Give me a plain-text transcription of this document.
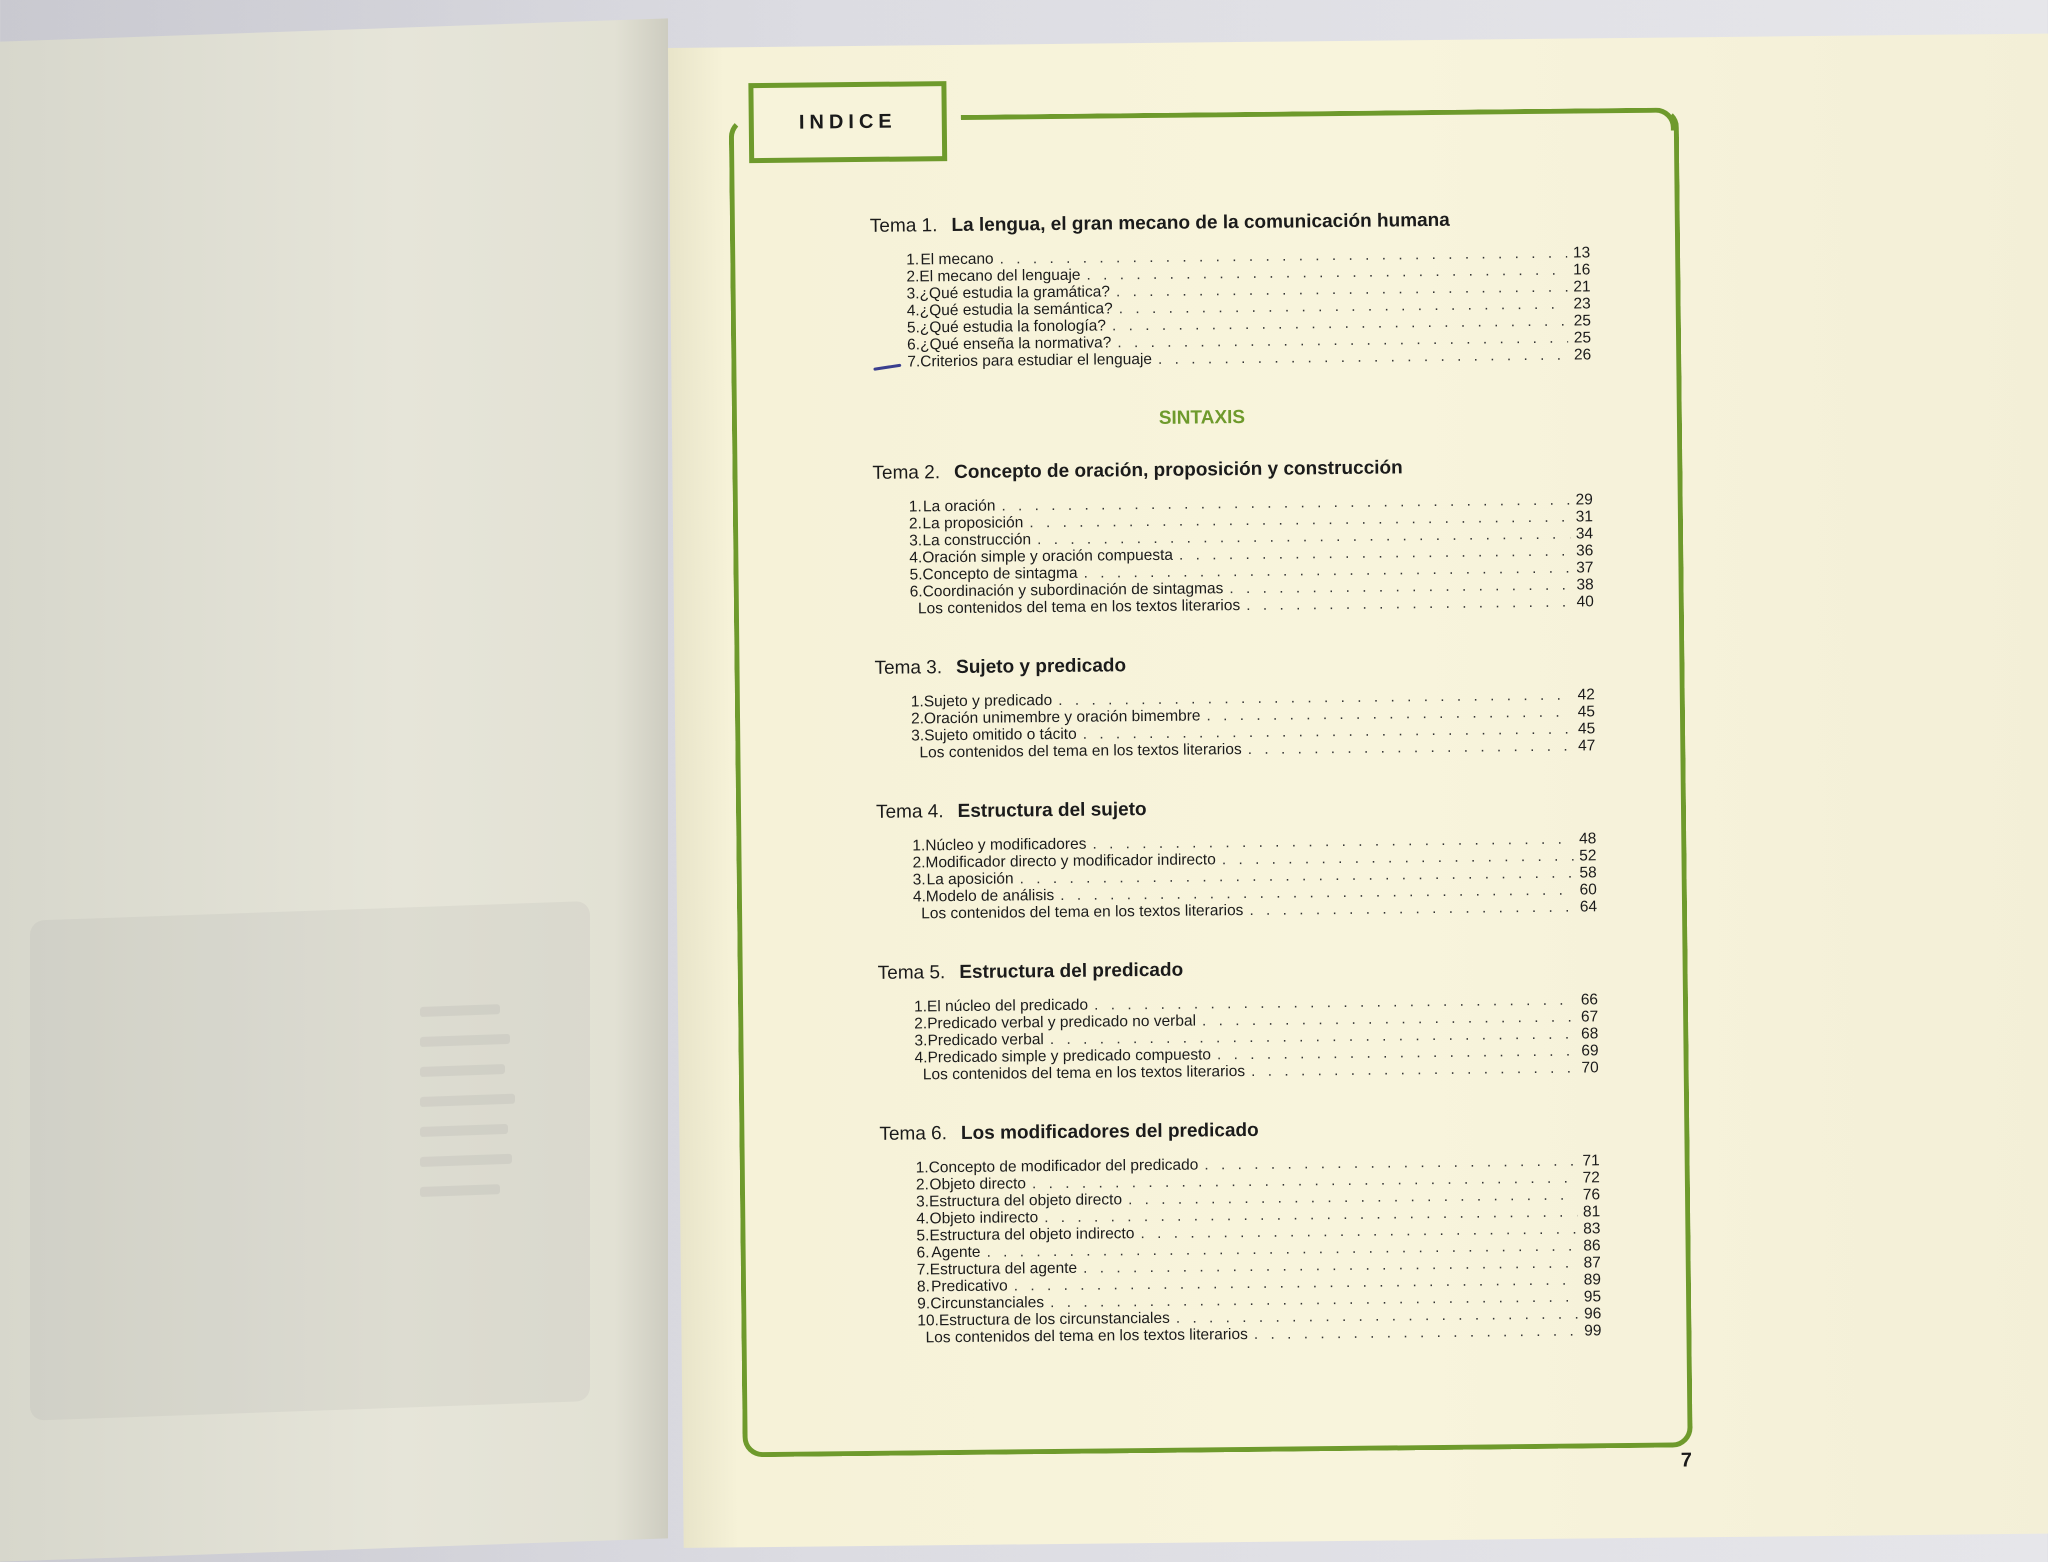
INDICE
Tema 1. La lengua, el gran mecano de la comunicación humana
1. El mecano . . .	13
2. El mecano del lenguaje . . .	16
3. ¿Qué estudia la gramática? . . .	21
4. ¿Qué estudia la semántica? . . .	23
5. ¿Qué estudia la fonología? . . .	25
6. ¿Qué enseña la normativa? . . .	25
7. Criterios para estudiar el lenguaje . . .	26
SINTAXIS
Tema 2. Concepto de oración, proposición y construcción
1. La oración . . .	29
2. La proposición . . .	31
3. La construcción . . .	34
4. Oración simple y oración compuesta . . .	36
5. Concepto de sintagma . . .	37
6. Coordinación y subordinación de sintagmas . . .	38
Los contenidos del tema en los textos literarios . . .	40
Tema 3. Sujeto y predicado
1. Sujeto y predicado . . .	42
2. Oración unimembre y oración bimembre . . .	45
3. Sujeto omitido o tácito . . .	45
Los contenidos del tema en los textos literarios . . .	47
Tema 4. Estructura del sujeto
1. Núcleo y modificadores . . .	48
2. Modificador directo y modificador indirecto . . .	52
3. La aposición . . .	58
4. Modelo de análisis . . .	60
Los contenidos del tema en los textos literarios . . .	64
Tema 5. Estructura del predicado
1. El núcleo del predicado . . .	66
2. Predicado verbal y predicado no verbal . . .	67
3. Predicado verbal . . .	68
4. Predicado simple y predicado compuesto . . .	69
Los contenidos del tema en los textos literarios . . .	70
Tema 6. Los modificadores del predicado
1. Concepto de modificador del predicado . . .	71
2. Objeto directo . . .	72
3. Estructura del objeto directo . . .	76
4. Objeto indirecto . . .	81
5. Estructura del objeto indirecto . . .	83
6. Agente . . .	86
7. Estructura del agente . . .	87
8. Predicativo . . .	89
9. Circunstanciales . . .	95
10. Estructura de los circunstanciales . . .	96
Los contenidos del tema en los textos literarios . . .	99
7
